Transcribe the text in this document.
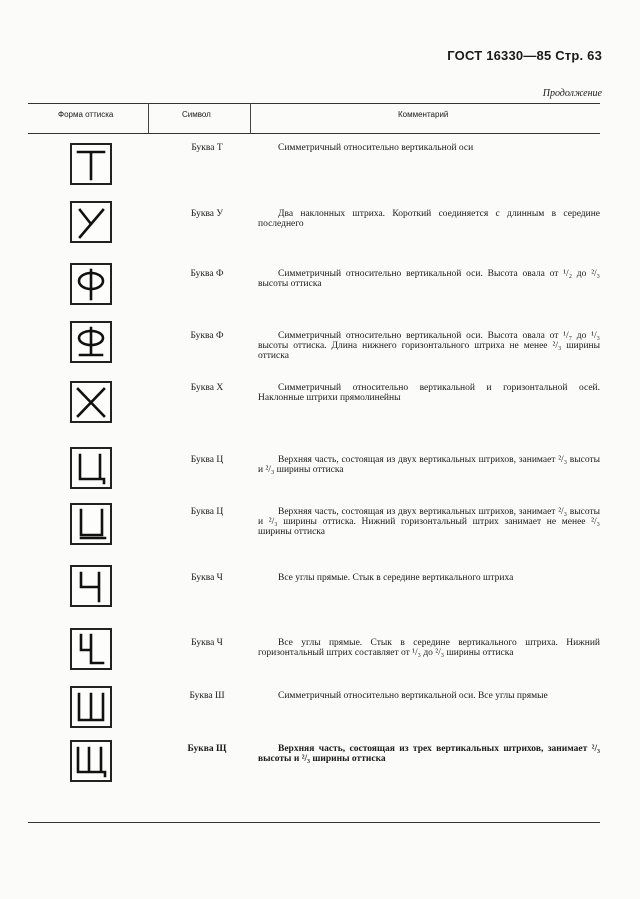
ГОСТ 16330—85 Стр. 63
Продолжение
Форма оттиска	Символ	Комментарий
Буква Т	Симметричный относительно вертикальной оси
Буква У	Два наклонных штриха. Короткий соединяется с длинным в середине последнего
Буква Ф	Симметричный относительно вертикальной оси. Высота овала от ¹/₂ до ²/₃ высоты оттиска
Буква Ф	Симметричный относительно вертикальной оси. Высота овала от ¹/₇ до ¹/₃ высоты оттиска. Длина нижнего горизонтального штриха не менее ²/₃ ширины оттиска
Буква Х	Симметричный относительно вертикальной и горизонтальной осей. Наклонные штрихи прямолинейны
Буква Ц	Верхняя часть, состоящая из двух вертикальных штрихов, занимает ²/₃ высоты и ²/₃ ширины оттиска
Буква Ц	Верхняя часть, состоящая из двух вертикальных штрихов, занимает ²/₃ высоты и ²/₃ ширины оттиска. Нижний горизонтальный штрих занимает не менее ²/₃ ширины оттиска
Буква Ч	Все углы прямые. Стык в середине вертикального штриха
Буква Ч	Все углы прямые. Стык в середине вертикального штриха. Нижний горизонтальный штрих составляет от ¹/₃ до ²/₃ ширины оттиска
Буква Ш	Симметричный относительно вертикальной оси. Все углы прямые
Буква Щ	Верхняя часть, состоящая из трех вертикальных штрихов, занимает ²/₃ высоты и ²/₃ ширины оттиска
